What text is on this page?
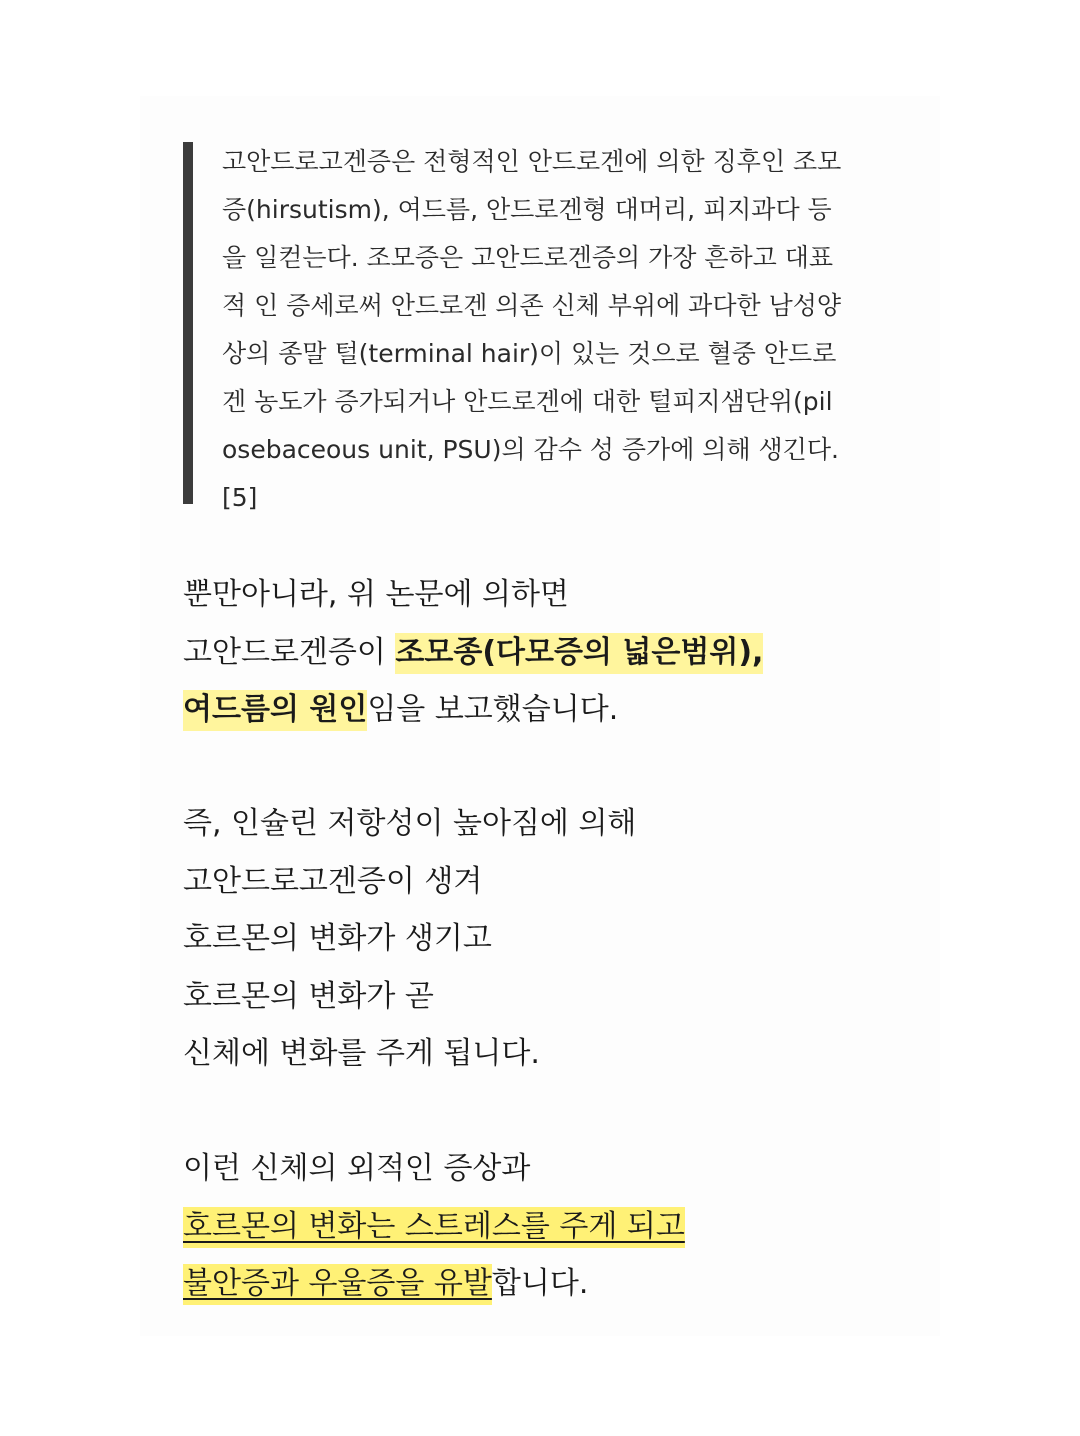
고안드로고겐증은 전형적인 안드로겐에 의한 징후인 조모
증(hirsutism), 여드름, 안드로겐형 대머리, 피지과다 등
을 일컫는다. 조모증은 고안드로겐증의 가장 흔하고 대표
적 인 증세로써 안드로겐 의존 신체 부위에 과다한 남성양
상의 종말 털(terminal hair)이 있는 것으로 혈중 안드로
겐 농도가 증가되거나 안드로겐에 대한 털피지샘단위(pil
osebaceous unit, PSU)의 감수 성 증가에 의해 생긴다.
[5]

뿐만아니라, 위 논문에 의하면
고안드로겐증이 조모종(다모증의 넓은범위),
여드름의 원인임을 보고했습니다.
즉, 인슐린 저항성이 높아짐에 의해
고안드로고겐증이 생겨
호르몬의 변화가 생기고
호르몬의 변화가 곧
신체에 변화를 주게 됩니다.
이런 신체의 외적인 증상과
호르몬의 변화는 스트레스를 주게 되고
불안증과 우울증을 유발합니다.
